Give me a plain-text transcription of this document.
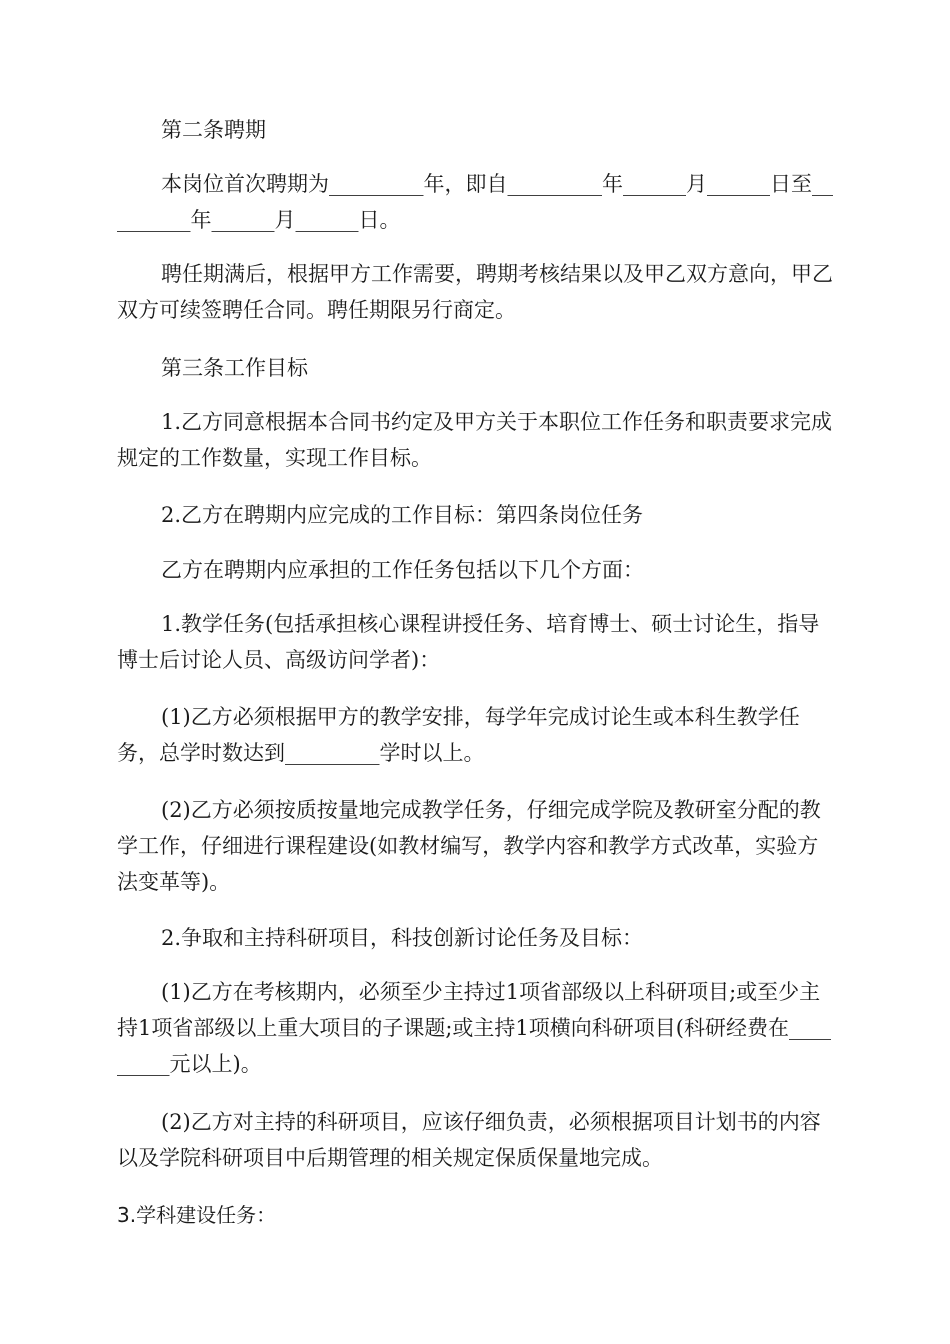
第二条聘期

本岗位首次聘期为_________年，即自_________年______月______日至_________年______月______日。

聘任期满后，根据甲方工作需要，聘期考核结果以及甲乙双方意向，甲乙双方可续签聘任合同。聘任期限另行商定。

第三条工作目标

1.乙方同意根据本合同书约定及甲方关于本职位工作任务和职责要求完成规定的工作数量，实现工作目标。

2.乙方在聘期内应完成的工作目标：第四条岗位任务

乙方在聘期内应承担的工作任务包括以下几个方面：

1.教学任务(包括承担核心课程讲授任务、培育博士、硕士讨论生，指导博士后讨论人员、高级访问学者)：

(1)乙方必须根据甲方的教学安排，每学年完成讨论生或本科生教学任务，总学时数达到_________学时以上。

(2)乙方必须按质按量地完成教学任务，仔细完成学院及教研室分配的教学工作，仔细进行课程建设(如教材编写，教学内容和教学方式改革，实验方法变革等)。

2.争取和主持科研项目，科技创新讨论任务及目标：

(1)乙方在考核期内，必须至少主持过1项省部级以上科研项目;或至少主持1项省部级以上重大项目的子课题;或主持1项横向科研项目(科研经费在_________元以上)。

(2)乙方对主持的科研项目，应该仔细负责，必须根据项目计划书的内容以及学院科研项目中后期管理的相关规定保质保量地完成。

3.学科建设任务：
